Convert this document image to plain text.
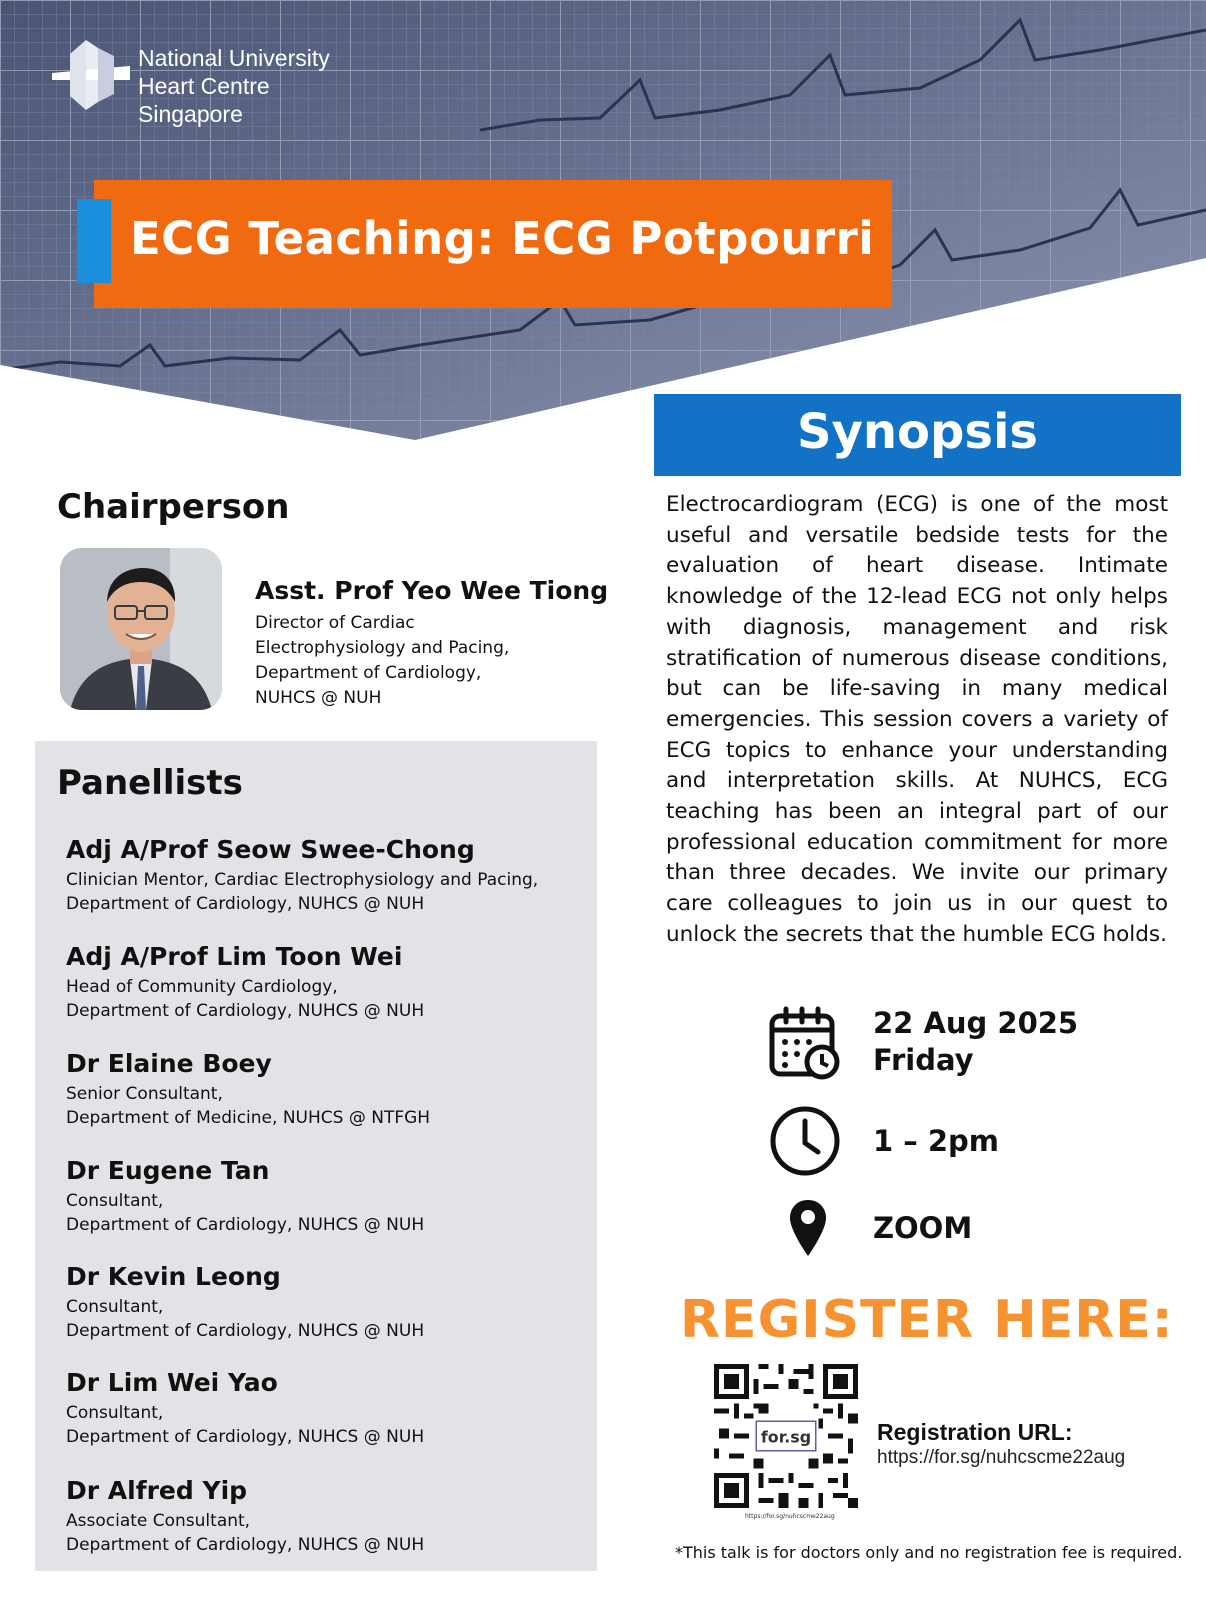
National University
Heart Centre
Singapore
ECG Teaching: ECG Potpourri
Chairperson
Asst. Prof Yeo Wee Tiong
Director of Cardiac
Electrophysiology and Pacing,
Department of Cardiology,
NUHCS @ NUH
Panellists
Adj A/Prof Seow Swee-Chong
Clinician Mentor, Cardiac Electrophysiology and Pacing,
Department of Cardiology, NUHCS @ NUH
Adj A/Prof Lim Toon Wei
Head of Community Cardiology,
Department of Cardiology, NUHCS @ NUH
Dr Elaine Boey
Senior Consultant,
Department of Medicine, NUHCS @ NTFGH
Dr Eugene Tan
Consultant,
Department of Cardiology, NUHCS @ NUH
Dr Kevin Leong
Consultant,
Department of Cardiology, NUHCS @ NUH
Dr Lim Wei Yao
Consultant,
Department of Cardiology, NUHCS @ NUH
Dr Alfred Yip
Associate Consultant,
Department of Cardiology, NUHCS @ NUH
Synopsis
Electrocardiogram (ECG) is one of the most useful and versatile bedside tests for the evaluation of heart disease. Intimate knowledge of the 12-lead ECG not only helps with diagnosis, management and risk stratification of numerous disease conditions, but can be life-saving in many medical emergencies. This session covers a variety of ECG topics to enhance your understanding and interpretation skills. At NUHCS, ECG teaching has been an integral part of our professional education commitment for more than three decades. We invite our primary care colleagues to join us in our quest to unlock the secrets that the humble ECG holds.
22 Aug 2025
Friday
1 – 2pm
ZOOM
REGISTER HERE:
for.sg
https://for.sg/nuhcscme22aug
Registration URL:
https://for.sg/nuhcscme22aug
*This talk is for doctors only and no registration fee is required.
